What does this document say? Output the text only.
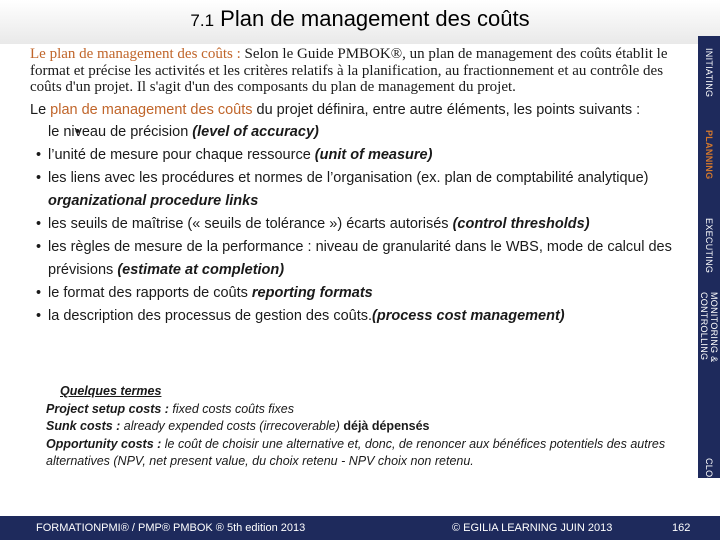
7.1 Plan de management des coûts
INITIATING
PLANNING
EXECUTING
MONITORING & CONTROLLING
CLOSING

Le plan de management des coûts : Selon le Guide PMBOK®, un plan de management des coûts établit le format et précise les activités et les critères relatifs à la planification, au fractionnement et au contrôle des coûts d'un projet. Il s'agit d'un des composants du plan de management du projet.

Le plan de management des coûts du projet définira, entre autre éléments, les points suivants :

• le niveau de précision (level of accuracy)
• l’unité de mesure pour chaque ressource (unit of measure)
• les liens avec les procédures et normes de l’organisation (ex. plan de comptabilité analytique) organizational procedure links
• les seuils de maîtrise (« seuils de tolérance ») écarts autorisés (control thresholds)
• les règles de mesure de la performance : niveau de granularité dans le WBS, mode de calcul des prévisions (estimate at completion)
• le format des rapports de coûts reporting formats
• la description des processus de gestion des coûts.(process cost management)
Quelques termes
Project setup costs : fixed costs coûts fixes
Sunk costs : already expended costs (irrecoverable) déjà dépensés
Opportunity costs : le coût de choisir une alternative et, donc, de renoncer aux bénéfices potentiels des autres alternatives (NPV, net present value, du choix retenu - NPV choix non retenu.
FORMATIONPMI® / PMP® PMBOK ® 5th edition 2013	© EGILIA LEARNING JUIN 2013	162
